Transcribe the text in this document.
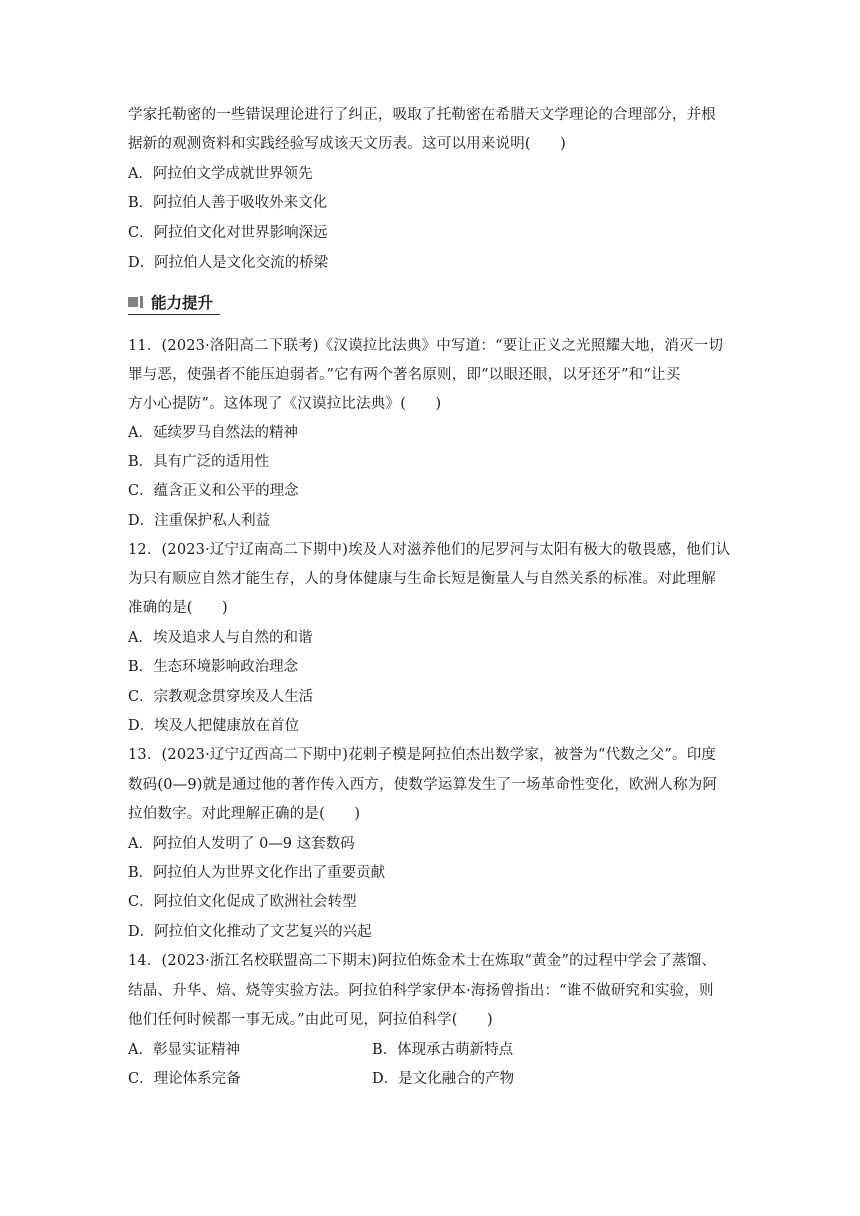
学家托勒密的一些错误理论进行了纠正，吸取了托勒密在希腊天文学理论的合理部分，并根
据新的观测资料和实践经验写成该天文历表。这可以用来说明(　　)
A．阿拉伯文学成就世界领先
B．阿拉伯人善于吸收外来文化
C．阿拉伯文化对世界影响深远
D．阿拉伯人是文化交流的桥梁
能力提升
11．(2023·洛阳高二下联考)《汉谟拉比法典》中写道：“要让正义之光照耀大地，消灭一切
罪与恶，使强者不能压迫弱者。”它有两个著名原则，即“以眼还眼，以牙还牙”和“让买
方小心提防”。这体现了《汉谟拉比法典》(　　)
A．延续罗马自然法的精神
B．具有广泛的适用性
C．蕴含正义和公平的理念
D．注重保护私人利益
12．(2023·辽宁辽南高二下期中)埃及人对滋养他们的尼罗河与太阳有极大的敬畏感，他们认
为只有顺应自然才能生存，人的身体健康与生命长短是衡量人与自然关系的标准。对此理解
准确的是(　　)
A．埃及追求人与自然的和谐
B．生态环境影响政治理念
C．宗教观念贯穿埃及人生活
D．埃及人把健康放在首位
13．(2023·辽宁辽西高二下期中)花剌子模是阿拉伯杰出数学家，被誉为“代数之父”。印度
数码(0—9)就是通过他的著作传入西方，使数学运算发生了一场革命性变化，欧洲人称为阿
拉伯数字。对此理解正确的是(　　)
A．阿拉伯人发明了 0—9 这套数码
B．阿拉伯人为世界文化作出了重要贡献
C．阿拉伯文化促成了欧洲社会转型
D．阿拉伯文化推动了文艺复兴的兴起
14．(2023·浙江名校联盟高二下期末)阿拉伯炼金术士在炼取“黄金”的过程中学会了蒸馏、
结晶、升华、焙、烧等实验方法。阿拉伯科学家伊本·海扬曾指出：“谁不做研究和实验，则
他们任何时候都一事无成。”由此可见，阿拉伯科学(　　)
A．彰显实证精神	B．体现承古萌新特点
C．理论体系完备	D．是文化融合的产物
